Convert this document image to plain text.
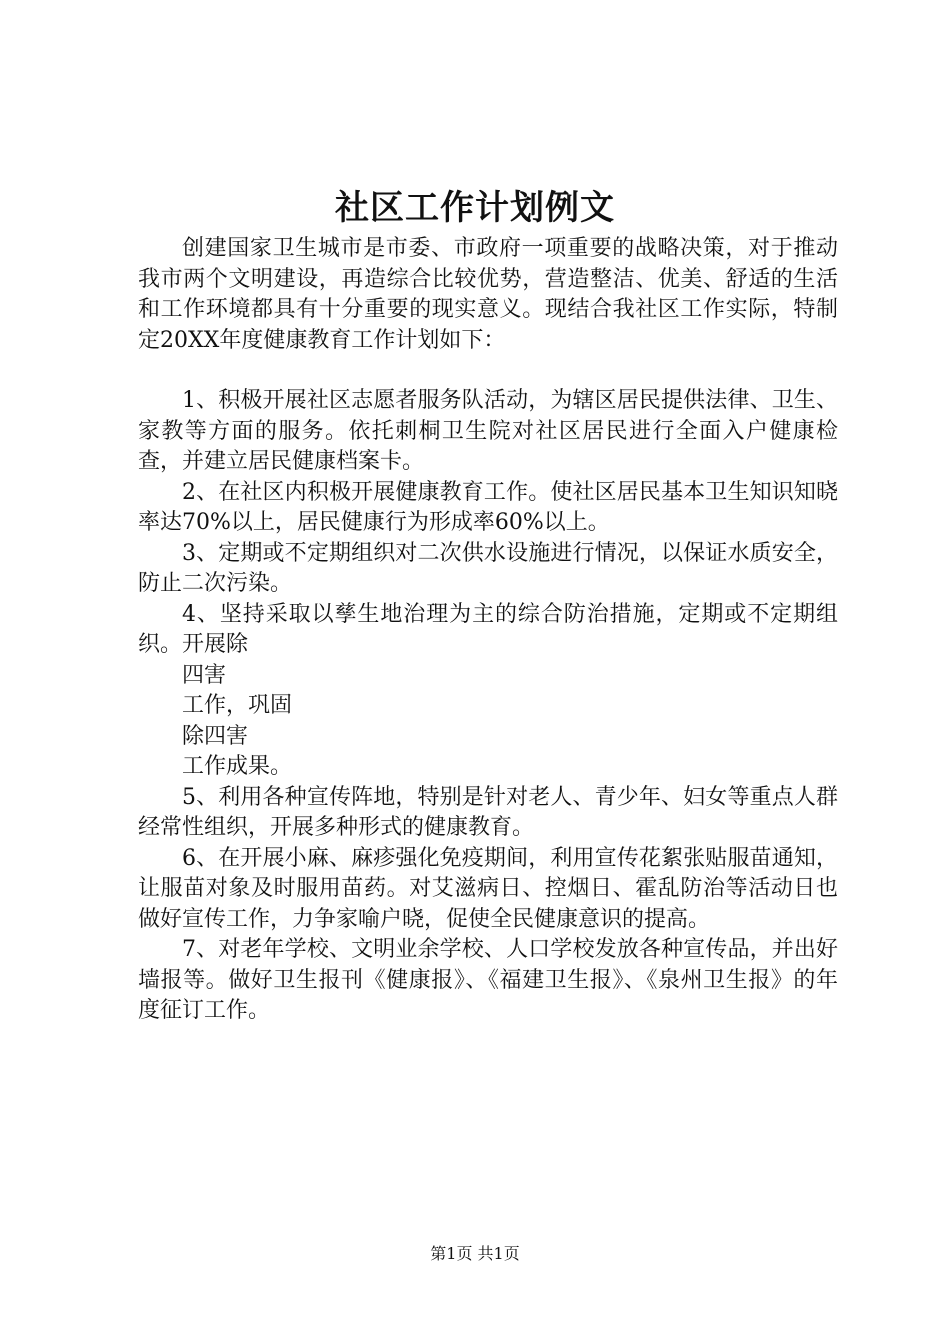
社区工作计划例文

创建国家卫生城市是市委、市政府一项重要的战略决策，对于推动我市两个文明建设，再造综合比较优势，营造整洁、优美、舒适的生活和工作环境都具有十分重要的现实意义。现结合我社区工作实际，特制定20XX年度健康教育工作计划如下：

1、积极开展社区志愿者服务队活动，为辖区居民提供法律、卫生、家教等方面的服务。依托刺桐卫生院对社区居民进行全面入户健康检查，并建立居民健康档案卡。

2、在社区内积极开展健康教育工作。使社区居民基本卫生知识知晓率达70%以上，居民健康行为形成率60%以上。

3、定期或不定期组织对二次供水设施进行情况，以保证水质安全，防止二次污染。

4、坚持采取以孳生地治理为主的综合防治措施，定期或不定期组织。开展除

四害

工作，巩固

除四害

工作成果。

5、利用各种宣传阵地，特别是针对老人、青少年、妇女等重点人群经常性组织，开展多种形式的健康教育。

6、在开展小麻、麻疹强化免疫期间，利用宣传花絮张贴服苗通知，让服苗对象及时服用苗药。对艾滋病日、控烟日、霍乱防治等活动日也做好宣传工作，力争家喻户晓，促使全民健康意识的提高。

7、对老年学校、文明业余学校、人口学校发放各种宣传品，并出好墙报等。做好卫生报刊《健康报》、《福建卫生报》、《泉州卫生报》的年度征订工作。

第1页 共1页
